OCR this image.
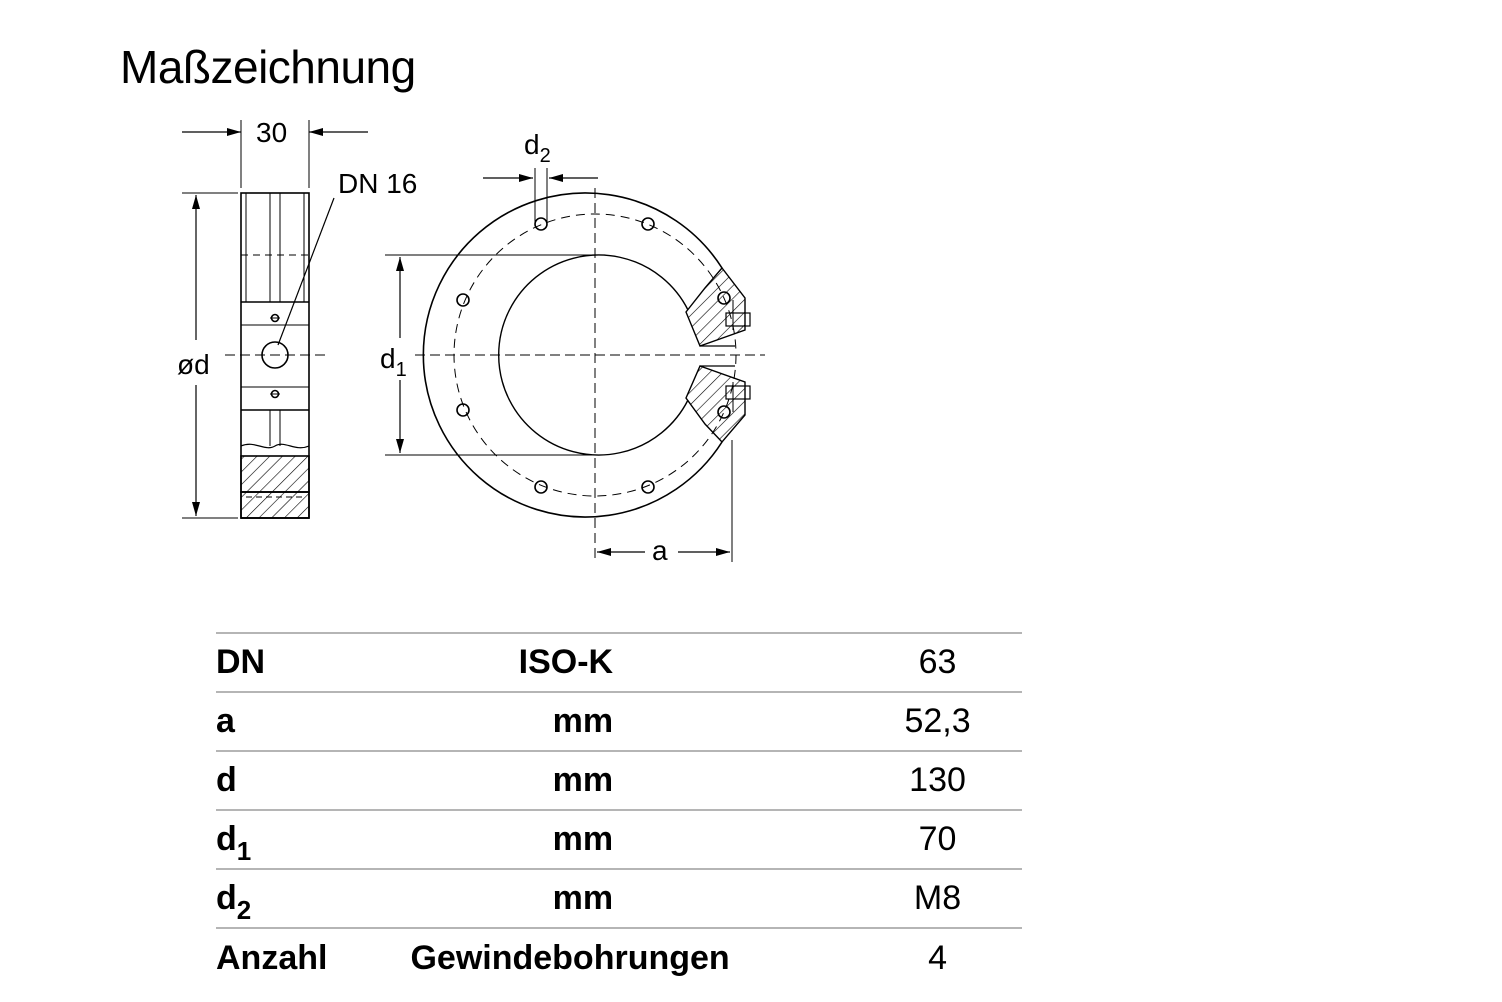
Maßzeichnung
30
DN 16
ød
$d_2$
$d_1$
a
DN	ISO-K	63
a	mm	52,3
d	mm	130
$d_1$	mm	70
$d_2$	mm	M8
Anzahl	Gewindebohrungen	4
